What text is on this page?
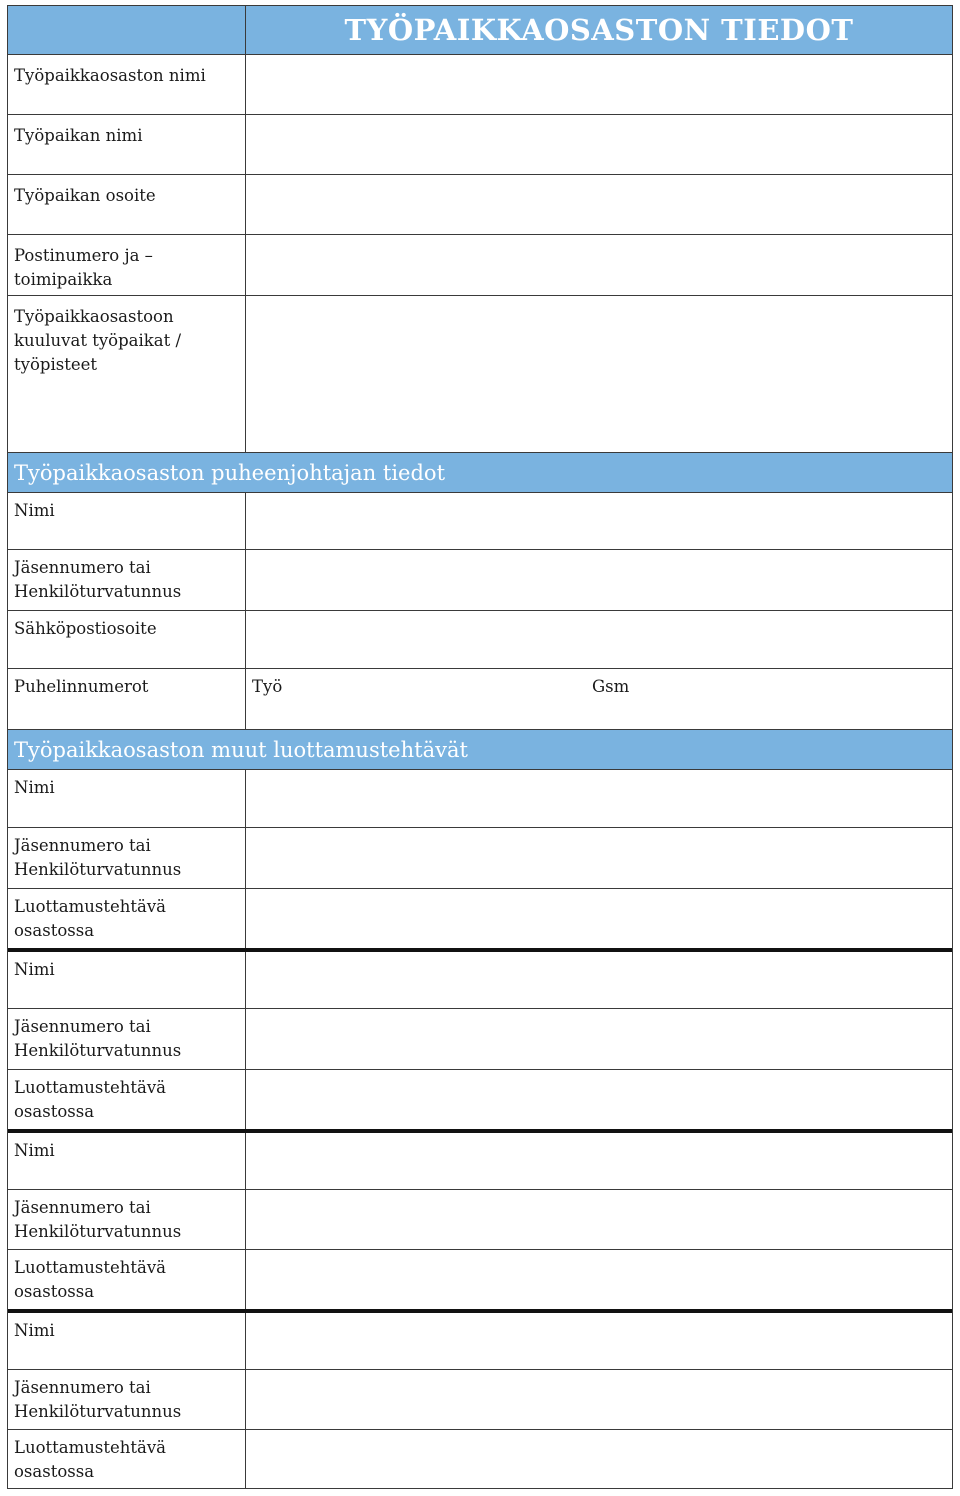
TYÖPAIKKAOSASTON TIEDOT
Työpaikkaosaston nimi
Työpaikan nimi
Työpaikan osoite
Postinumero ja –
toimipaikka
Työpaikkaosastoon
kuuluvat työpaikat /
työpisteet
Työpaikkaosaston puheenjohtajan tiedot
Nimi
Jäsennumero tai
Henkilöturvatunnus
Sähköpostiosoite
Puhelinnumerot	Työ	Gsm
Työpaikkaosaston muut luottamustehtävät
Nimi
Jäsennumero tai
Henkilöturvatunnus
Luottamustehtävä
osastossa
Nimi
Jäsennumero tai
Henkilöturvatunnus
Luottamustehtävä
osastossa
Nimi
Jäsennumero tai
Henkilöturvatunnus
Luottamustehtävä
osastossa
Nimi
Jäsennumero tai
Henkilöturvatunnus
Luottamustehtävä
osastossa
